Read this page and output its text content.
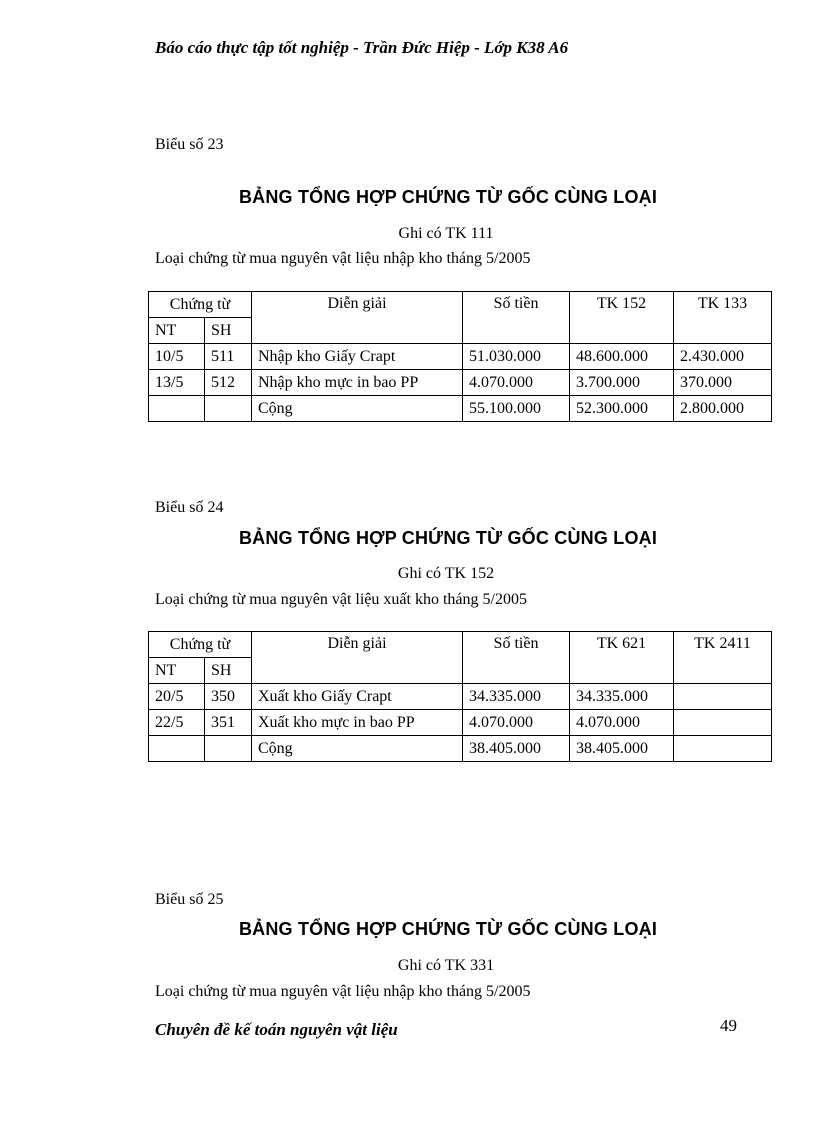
Báo cáo thực tập tốt nghiệp - Trần Đức Hiệp - Lớp K38 A6
Biểu số 23
BẢNG TỔNG HỢP CHỨNG TỪ GỐC CÙNG LOẠI
Ghi có TK 111
Loại chứng từ mua nguyên vật liệu nhập kho tháng 5/2005
Chứng từ		Diễn giải	Số tiền	TK 152	TK 133
NT	SH				
10/5	511	Nhập kho Giấy Crapt	51.030.000	48.600.000	2.430.000
13/5	512	Nhập kho mực in bao PP	4.070.000	3.700.000	370.000
		Cộng	55.100.000	52.300.000	2.800.000
Biểu số 24
BẢNG TỔNG HỢP CHỨNG TỪ GỐC CÙNG LOẠI
Ghi có TK 152
Loại chứng từ mua nguyên vật liệu xuất kho tháng 5/2005
Chứng từ		Diễn giải	Số tiền	TK 621	TK 2411
NT	SH				
20/5	350	Xuất kho Giấy Crapt	34.335.000	34.335.000	
22/5	351	Xuất kho mực in bao PP	4.070.000	4.070.000	
		Cộng	38.405.000	38.405.000	
Biểu số 25
BẢNG TỔNG HỢP CHỨNG TỪ GỐC CÙNG LOẠI
Ghi có TK 331
Loại chứng từ mua nguyên vật liệu nhập kho tháng 5/2005
Chuyên đề kế toán nguyên vật liệu	49
